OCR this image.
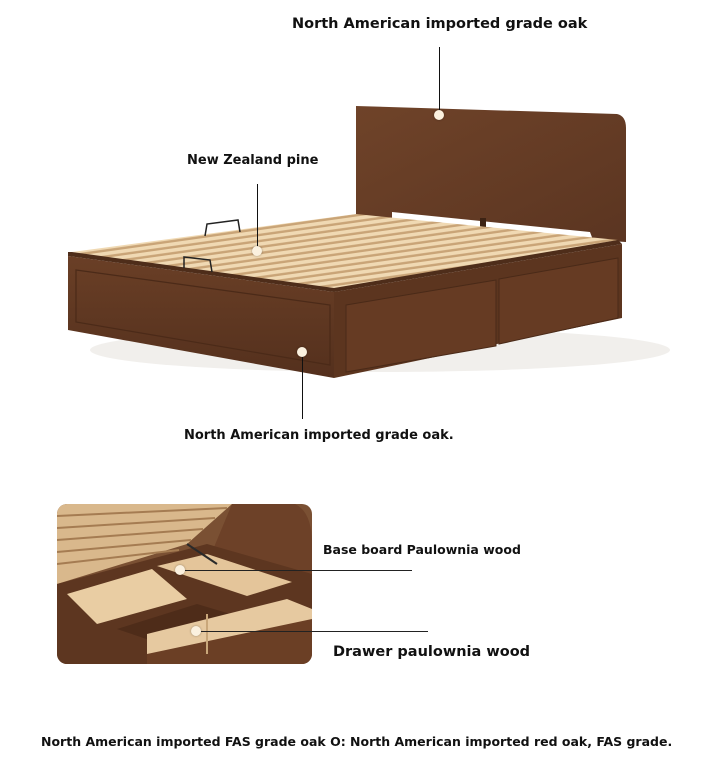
North American imported grade oak
New Zealand pine
North American imported grade oak.
Base board Paulownia wood
Drawer paulownia wood
North American imported FAS grade oak O: North American imported red oak, FAS grade.
